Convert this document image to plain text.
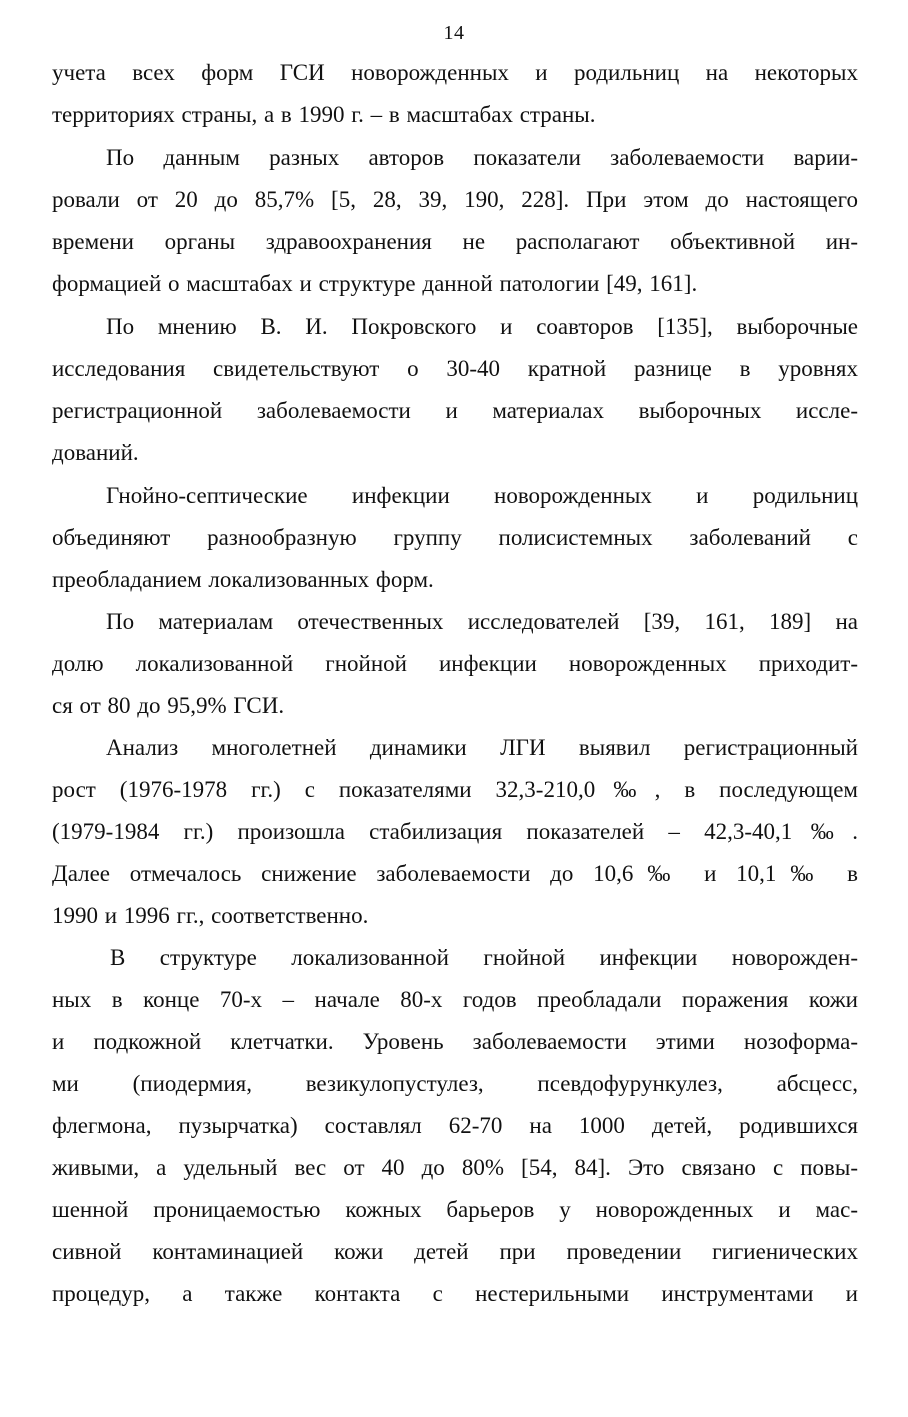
14
учета всех форм ГСИ новорожденных и родильниц на некоторых
территориях страны, а в 1990 г. – в масштабах страны.
По данным разных авторов показатели заболеваемости варии-
ровали от 20 до 85,7% [5, 28, 39, 190, 228]. При этом до настоящего
времени органы здравоохранения не располагают объективной ин-
формацией о масштабах и структуре данной патологии [49, 161].
По мнению В. И. Покровского и соавторов [135], выборочные
исследования свидетельствуют о 30-40 кратной разнице в уровнях
регистрационной заболеваемости и материалах выборочных иссле-
дований.
Гнойно-септические инфекции новорожденных и родильниц
объединяют разнообразную группу полисистемных заболеваний с
преобладанием локализованных форм.
По материалам отечественных исследователей [39, 161, 189] на
долю локализованной гнойной инфекции новорожденных приходит-
ся от 80 до 95,9% ГСИ.
Анализ многолетней динамики ЛГИ выявил регистрационный
рост (1976-1978 гг.) с показателями 32,3-210,0‰, в последующем
(1979-1984 гг.) произошла стабилизация показателей – 42,3-40,1‰.
Далее отмечалось снижение заболеваемости до 10,6‰ и 10,1‰ в
1990 и 1996 гг., соответственно.
В структуре локализованной гнойной инфекции новорожден-
ных в конце 70-х – начале 80-х годов преобладали поражения кожи
и подкожной клетчатки. Уровень заболеваемости этими нозоформа-
ми (пиодермия, везикулопустулез, псевдофурункулез, абсцесс,
флегмона, пузырчатка) составлял 62-70 на 1000 детей, родившихся
живыми, а удельный вес от 40 до 80% [54, 84]. Это связано с повы-
шенной проницаемостью кожных барьеров у новорожденных и мас-
сивной контаминацией кожи детей при проведении гигиенических
процедур, а также контакта с нестерильными инструментами и
